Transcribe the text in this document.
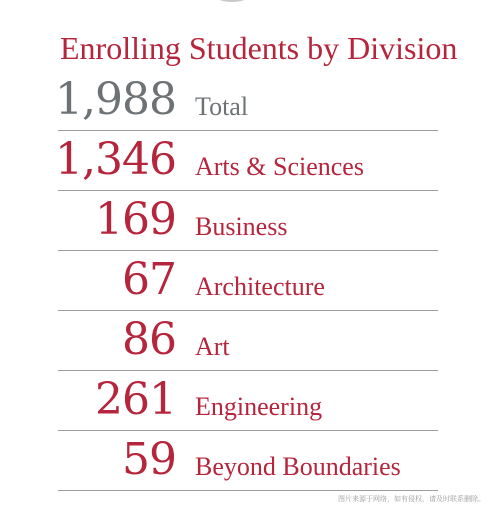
Enrolling Students by Division
1,988 Total
1,346 Arts & Sciences
169 Business
67 Architecture
86 Art
261 Engineering
59 Beyond Boundaries
图片来源于网络，如有侵权，请及时联系删除。
